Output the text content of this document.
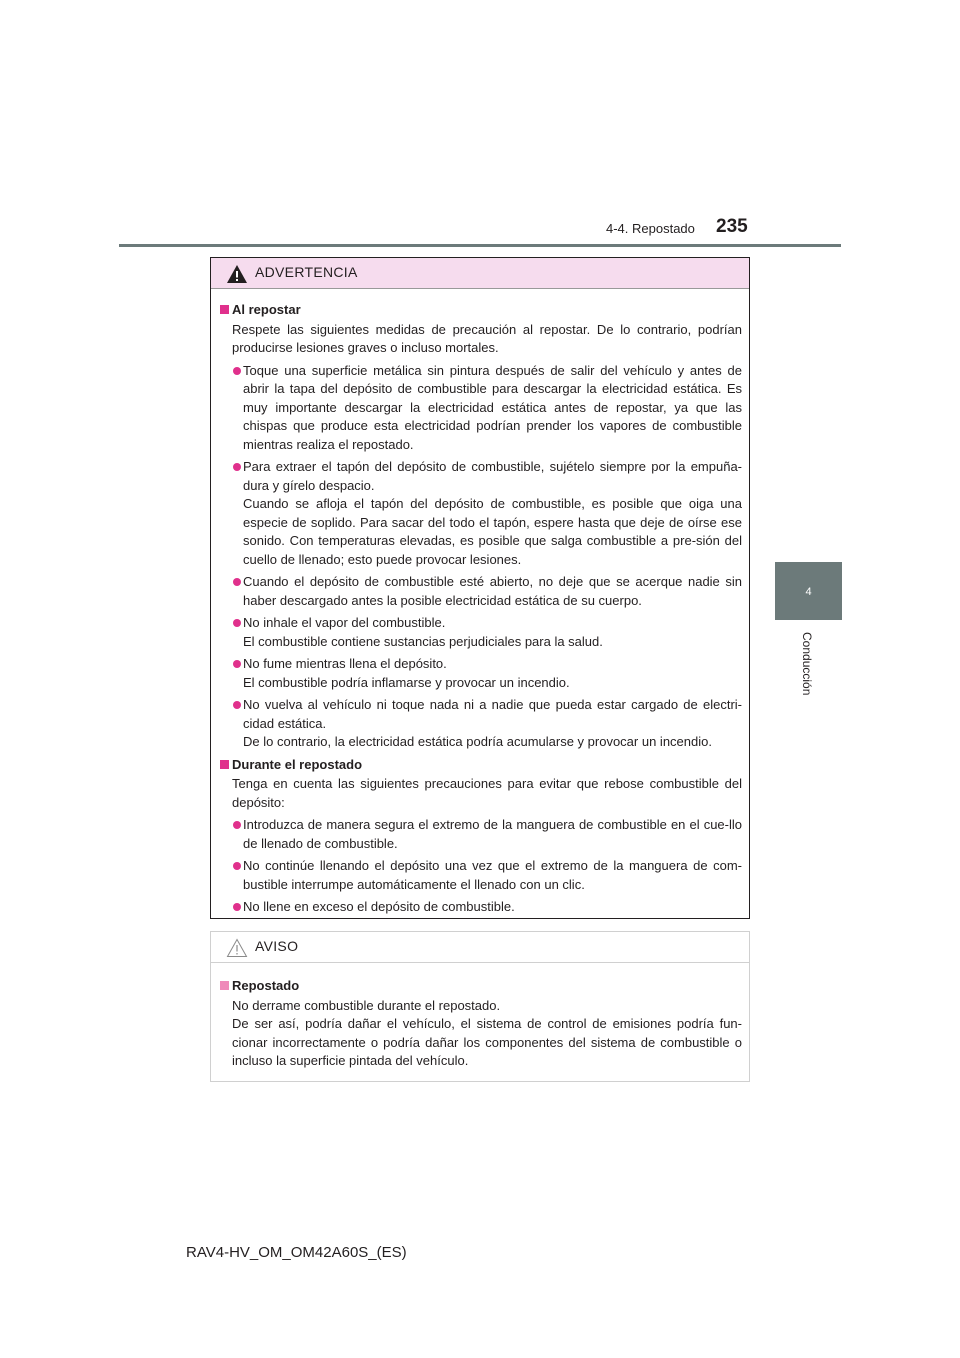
235
4-4. Repostado
4
Conducción
ADVERTENCIA
Al repostar
Respete las siguientes medidas de precaución al repostar. De lo contrario, podrían producirse lesiones graves o incluso mortales.
Toque una superficie metálica sin pintura después de salir del vehículo y antes de abrir la tapa del depósito de combustible para descargar la electricidad estática. Es muy importante descargar la electricidad estática antes de repostar, ya que las chispas que produce esta electricidad podrían prender los vapores de combustible mientras realiza el repostado.
Para extraer el tapón del depósito de combustible, sujételo siempre por la empuña-dura y gírelo despacio.
Cuando se afloja el tapón del depósito de combustible, es posible que oiga una especie de soplido. Para sacar del todo el tapón, espere hasta que deje de oírse ese sonido. Con temperaturas elevadas, es posible que salga combustible a pre-sión del cuello de llenado; esto puede provocar lesiones.
Cuando el depósito de combustible esté abierto, no deje que se acerque nadie sin haber descargado antes la posible electricidad estática de su cuerpo.
No inhale el vapor del combustible.
El combustible contiene sustancias perjudiciales para la salud.
No fume mientras llena el depósito.
El combustible podría inflamarse y provocar un incendio.
No vuelva al vehículo ni toque nada ni a nadie que pueda estar cargado de electri-cidad estática.
De lo contrario, la electricidad estática podría acumularse y provocar un incendio.
Durante el repostado
Tenga en cuenta las siguientes precauciones para evitar que rebose combustible del depósito:
Introduzca de manera segura el extremo de la manguera de combustible en el cue-llo de llenado de combustible.
No continúe llenando el depósito una vez que el extremo de la manguera de com-bustible interrumpe automáticamente el llenado con un clic.
No llene en exceso el depósito de combustible.
AVISO
Repostado
No derrame combustible durante el repostado.
De ser así, podría dañar el vehículo, el sistema de control de emisiones podría fun-cionar incorrectamente o podría dañar los componentes del sistema de combustible o incluso la superficie pintada del vehículo.
RAV4-HV_OM_OM42A60S_(ES)
